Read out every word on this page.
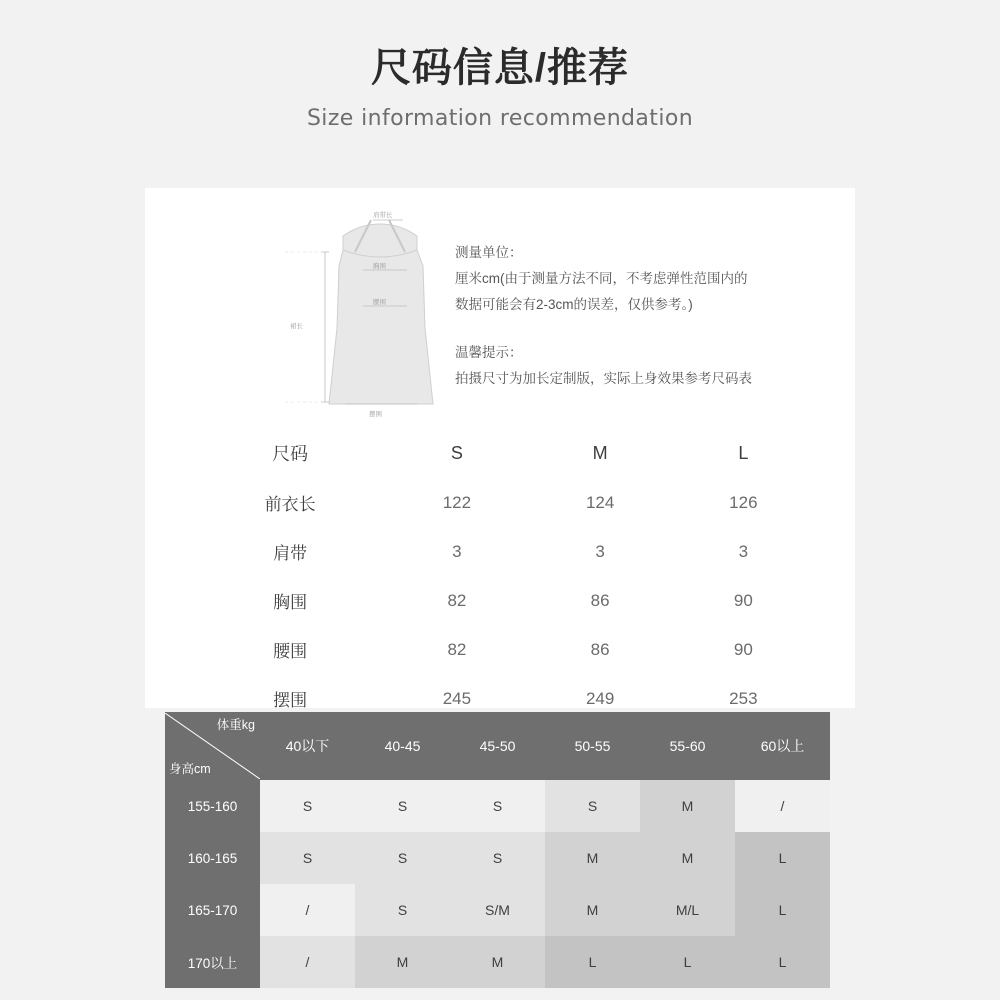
尺码信息/推荐
Size information recommendation
肩带长
胸围
腰围
裙长
摆围
测量单位：
厘米cm(由于测量方法不同，不考虑弹性范围内的
数据可能会有2-3cm的误差，仅供参考。)
温馨提示：
拍摄尺寸为加长定制版，实际上身效果参考尺码表
尺码	S	M	L
前衣长	122	124	126
肩带	3	3	3
胸围	82	86	90
腰围	82	86	90
摆围	245	249	253
体重kg
身高cm	40以下	40-45	45-50	50-55	55-60	60以上
155-160	S	S	S	S	M	/
160-165	S	S	S	M	M	L
165-170	/	S	S/M	M	M/L	L
170以上	/	M	M	L	L	L
